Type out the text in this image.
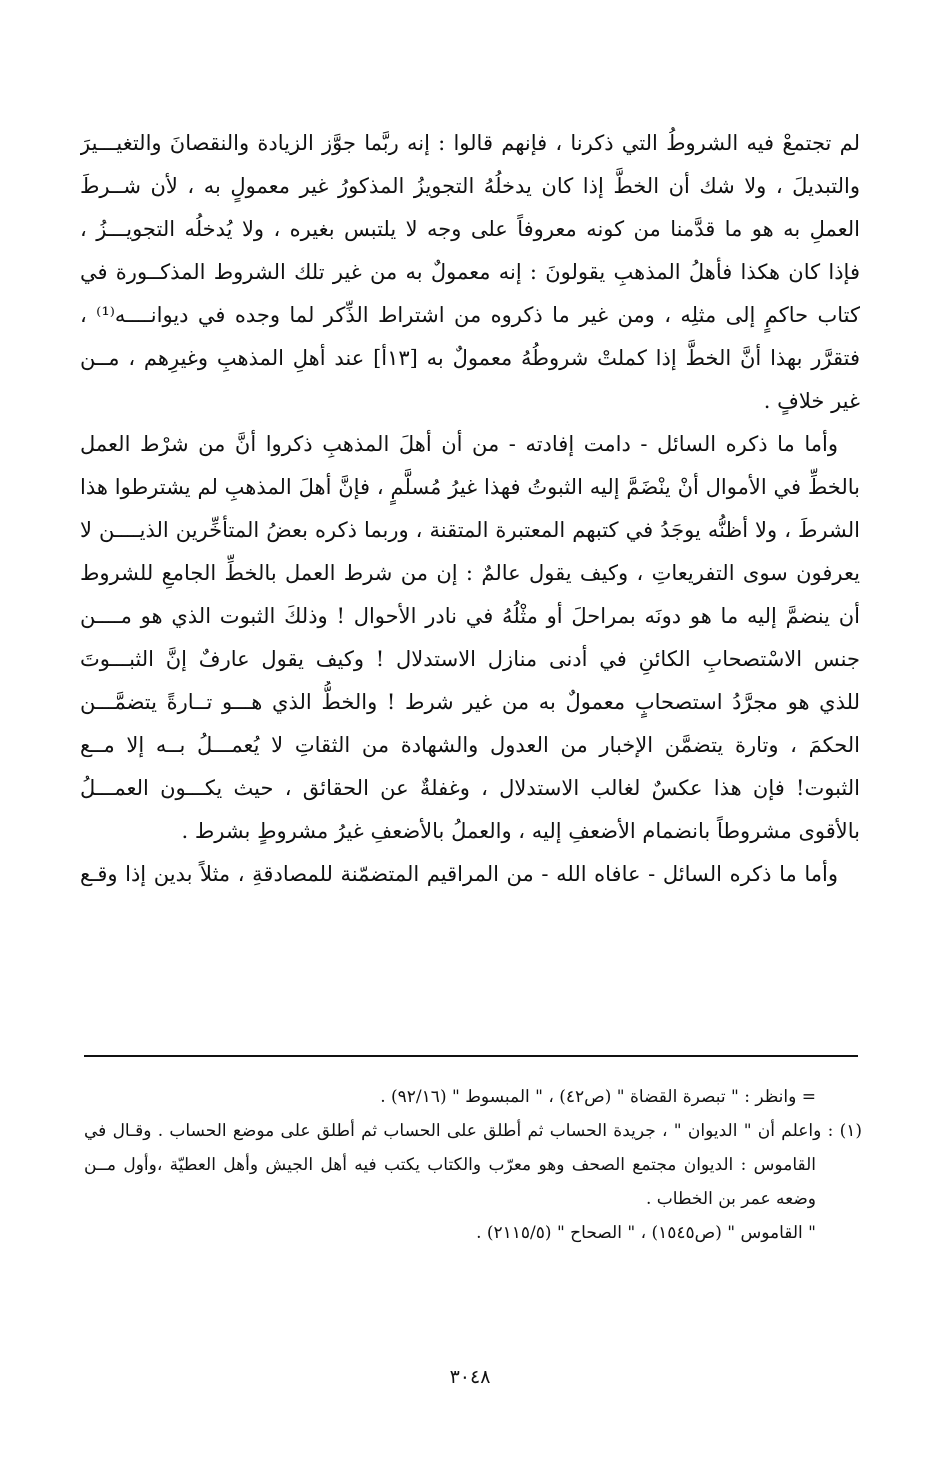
لم تجتمعْ فيه الشروطُ التي ذكرنا ، فإنهم قالوا : إنه ربَّما جوَّز الزيادة والنقصانَ والتغيـــيرَ
والتبديلَ ، ولا شك أن الخطَّ إذا كان يدخلُهُ التجويزُ المذكورُ غير معمولٍ به ، لأن شــرطَ
العملِ به هو ما قدَّمنا من كونه معروفاً على وجه لا يلتبس بغيره ، ولا يُدخلُه التجويـــزُ ،
فإذا كان هكذا فأهلُ المذهبِ يقولونَ : إنه معمولٌ به من غير تلك الشروط المذكــورة في
كتاب حاكمٍ إلى مثلِه ، ومن غير ما ذكروه من اشتراط الذِّكر لما وجده في ديوانــــه⁽¹⁾ ،
فتقرَّر بهذا أنَّ الخطَّ إذا كملتْ شروطُهُ معمولٌ به [١٣أ] عند أهلِ المذهبِ وغيرِهم ، مــن
غير خلافٍ .
وأما ما ذكره السائل - دامت إفادته - من أن أهلَ المذهبِ ذكروا أنَّ من شرْط العمل
بالخطِّ في الأموال أنْ ينْضَمَّ إليه الثبوتُ فهذا غيرُ مُسلَّمٍ ، فإنَّ أهلَ المذهبِ لم يشترطوا هذا
الشرطَ ، ولا أظنُّه يوجَدُ في كتبهم المعتبرة المتقنة ، وربما ذكره بعضُ المتأخِّرين الذيــــن لا
يعرفون سوى التفريعاتِ ، وكيف يقول عالمٌ : إن من شرط العمل بالخطِّ الجامعِ للشروط
أن ينضمَّ إليه ما هو دونَه بمراحلَ أو مثْلُهُ في نادر الأحوال ! وذلكَ الثبوت الذي هو مــــن
جنس الاسْتصحابِ الكائنِ في أدنى منازل الاستدلال ! وكيف يقول عارفٌ إنَّ الثبـــوتَ
للذي هو مجرَّدُ استصحابٍ معمولٌ به من غير شرط ! والخطُّ الذي هـــو تــارةً يتضمَّـــن
الحكمَ ، وتارة يتضمَّن الإخبار من العدول والشهادة من الثقاتِ لا يُعمـــلُ بــه إلا مــع
الثبوت! فإن هذا عكسٌ لغالب الاستدلال ، وغفلةٌ عن الحقائق ، حيث يكـــون العمـــلُ
بالأقوى مشروطاً بانضمام الأضعفِ إليه ، والعملُ بالأضعفِ غيرُ مشروطٍ بشرط .
وأما ما ذكره السائل - عافاه الله - من المراقيم المتضمّنة للمصادقةِ ، مثلاً بدين إذا وقـع
= وانظر : " تبصرة القضاة " (ص٤٢) ، " المبسوط " (٩٢/١٦) .
(١) : واعلم أن " الديوان " ، جريدة الحساب ثم أطلق على الحساب ثم أطلق على موضع الحساب . وقـال في
القاموس : الديوان مجتمع الصحف وهو معرّب والكتاب يكتب فيه أهل الجيش وأهل العطيّة ،وأول مــن
وضعه عمر بن الخطاب .
" القاموس " (ص١٥٤٥) ، " الصحاح " (٢١١٥/٥) .
٣٠٤٨
